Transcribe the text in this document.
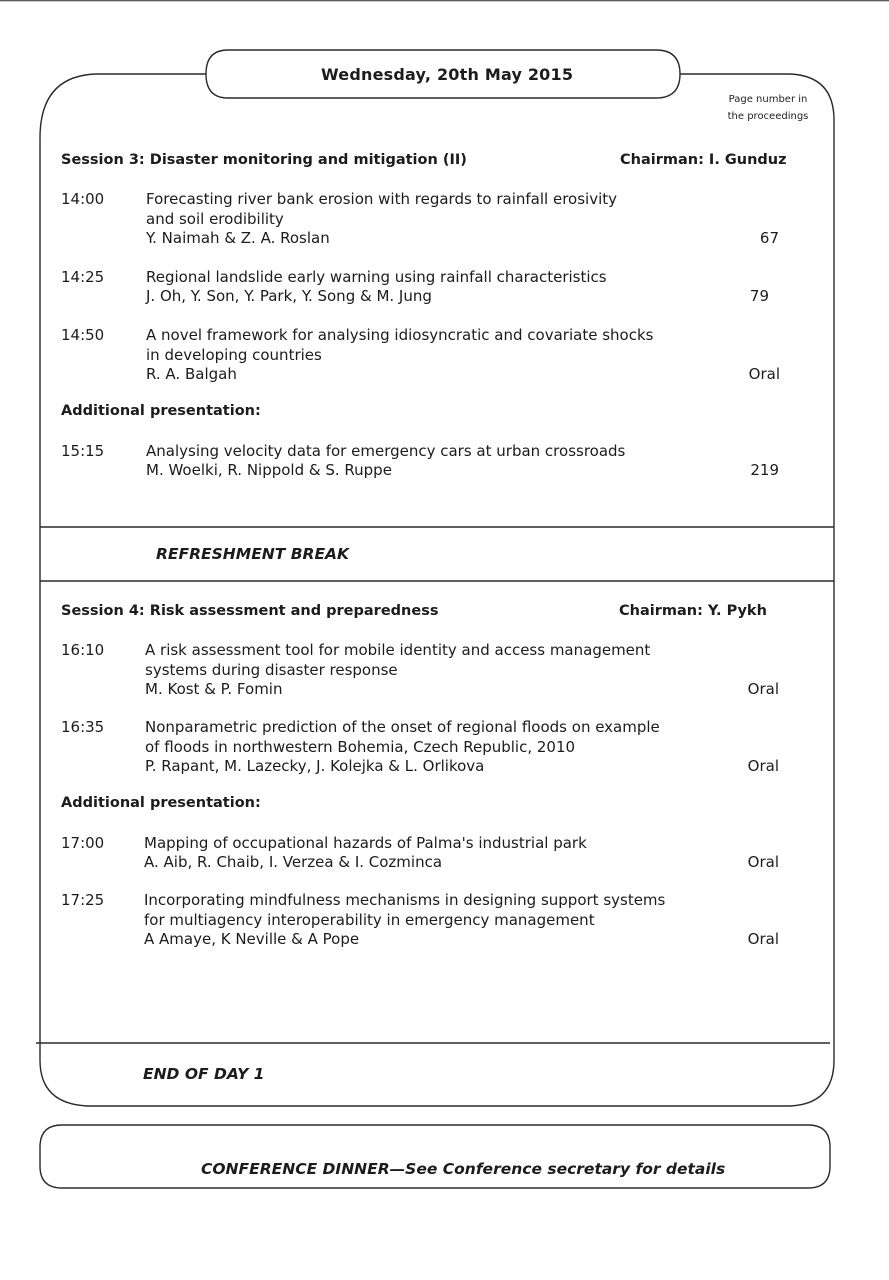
Wednesday, 20th May 2015
Page number in
the proceedings
Session 3: Disaster monitoring and mitigation (II)	Chairman: I. Gunduz
14:00	Forecasting river bank erosion with regards to rainfall erosivity
and soil erodibility
Y. Naimah & Z. A. Roslan	67
14:25	Regional landslide early warning using rainfall characteristics
J. Oh, Y. Son, Y. Park, Y. Song & M. Jung	79
14:50	A novel framework for analysing idiosyncratic and covariate shocks
in developing countries
R. A. Balgah	Oral
Additional presentation:
15:15	Analysing velocity data for emergency cars at urban crossroads
M. Woelki, R. Nippold & S. Ruppe	219
REFRESHMENT BREAK
Session 4: Risk assessment and preparedness	Chairman: Y. Pykh
16:10	A risk assessment tool for mobile identity and access management
systems during disaster response
M. Kost & P. Fomin	Oral
16:35	Nonparametric prediction of the onset of regional floods on example
of floods in northwestern Bohemia, Czech Republic, 2010
P. Rapant, M. Lazecky, J. Kolejka & L. Orlikova	Oral
Additional presentation:
17:00	Mapping of occupational hazards of Palma's industrial park
A. Aib, R. Chaib, I. Verzea & I. Cozminca	Oral
17:25	Incorporating mindfulness mechanisms in designing support systems
for multiagency interoperability in emergency management
A Amaye, K Neville & A Pope	Oral
END OF DAY 1
CONFERENCE DINNER—See Conference secretary for details
